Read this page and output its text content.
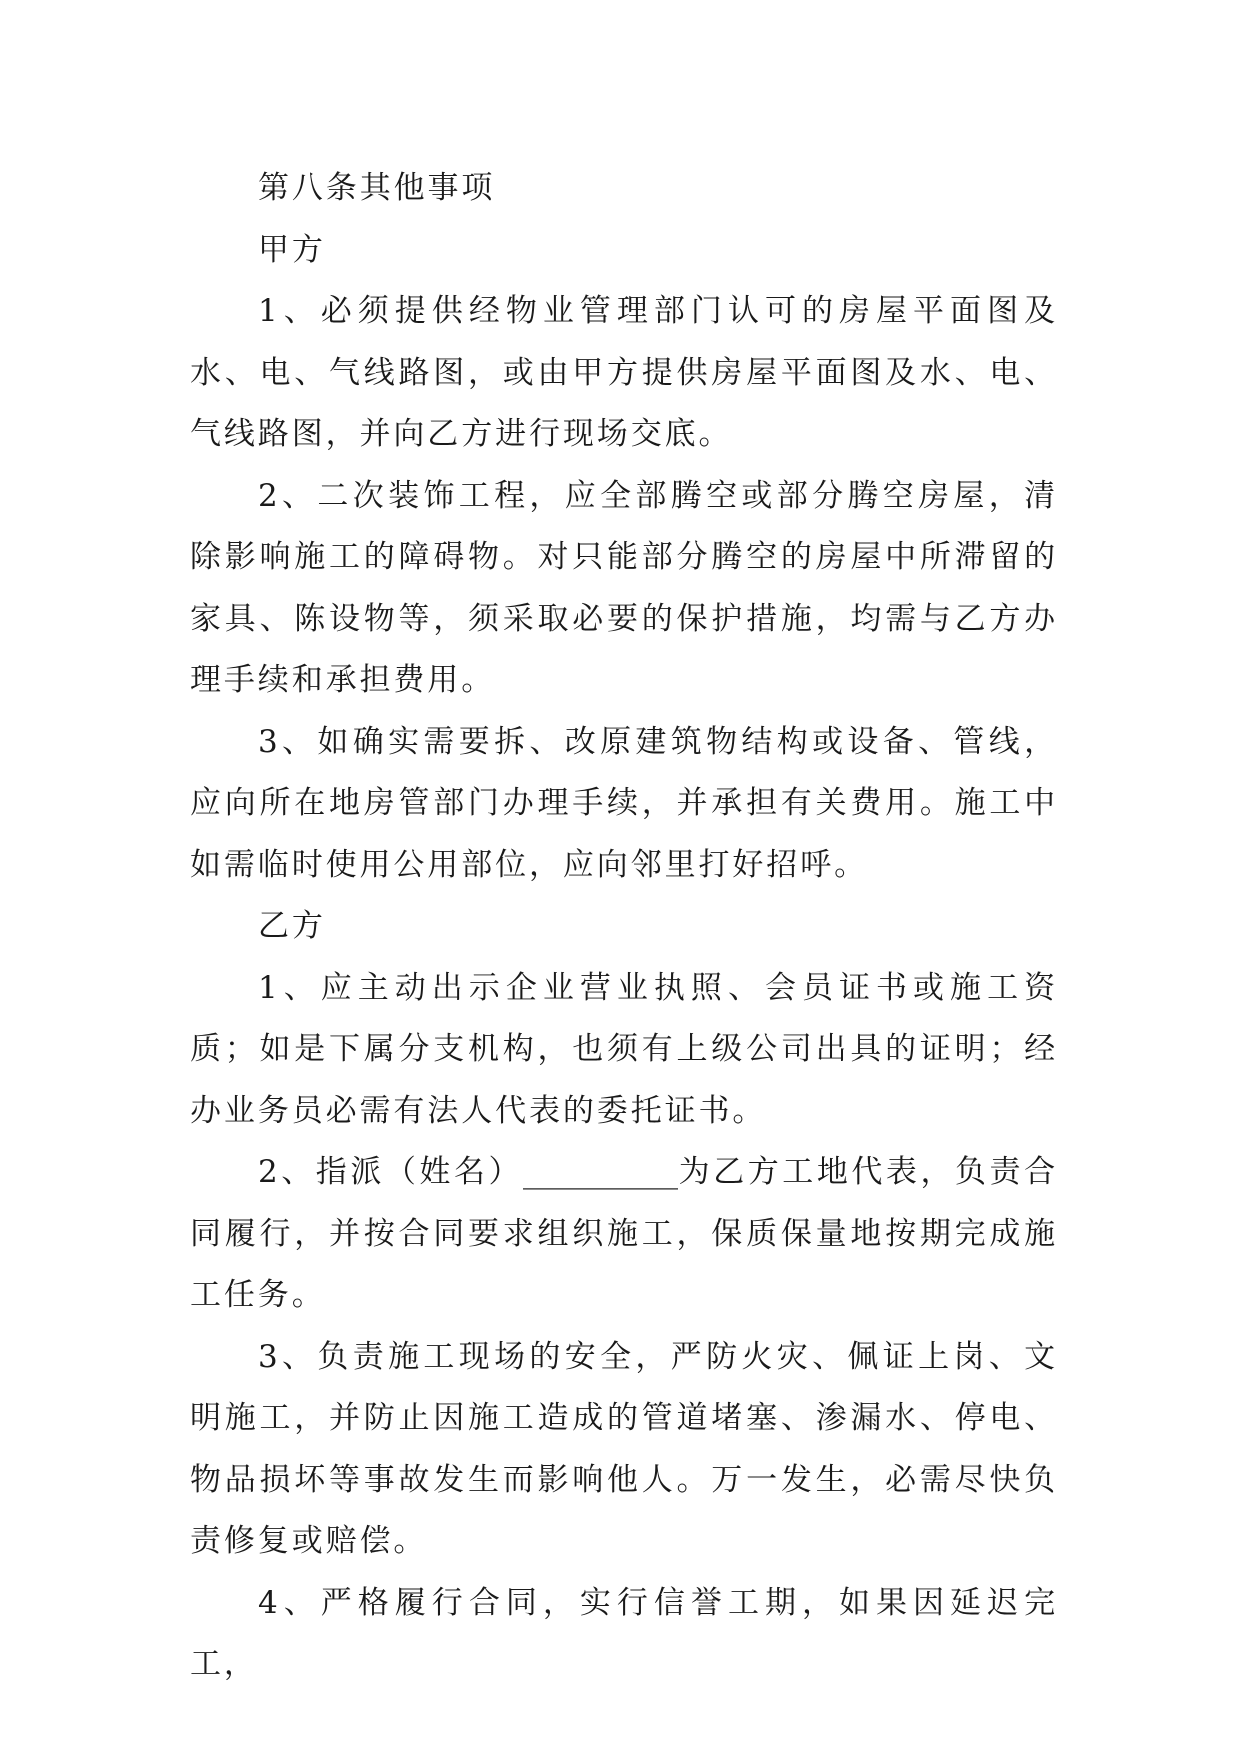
第八条其他事项

甲方

1、必须提供经物业管理部门认可的房屋平面图及水、电、气线路图，或由甲方提供房屋平面图及水、电、气线路图，并向乙方进行现场交底。

2、二次装饰工程，应全部腾空或部分腾空房屋，清除影响施工的障碍物。对只能部分腾空的房屋中所滞留的家具、陈设物等，须采取必要的保护措施，均需与乙方办理手续和承担费用。

3、如确实需要拆、改原建筑物结构或设备、管线，应向所在地房管部门办理手续，并承担有关费用。施工中如需临时使用公用部位，应向邻里打好招呼。

乙方

1、应主动出示企业营业执照、会员证书或施工资质；如是下属分支机构，也须有上级公司出具的证明；经办业务员必需有法人代表的委托证书。

2、指派（姓名）__________为乙方工地代表，负责合同履行，并按合同要求组织施工，保质保量地按期完成施工任务。

3、负责施工现场的安全，严防火灾、佩证上岗、文明施工，并防止因施工造成的管道堵塞、渗漏水、停电、物品损坏等事故发生而影响他人。万一发生，必需尽快负责修复或赔偿。

4、严格履行合同，实行信誉工期，如果因延迟完工，
